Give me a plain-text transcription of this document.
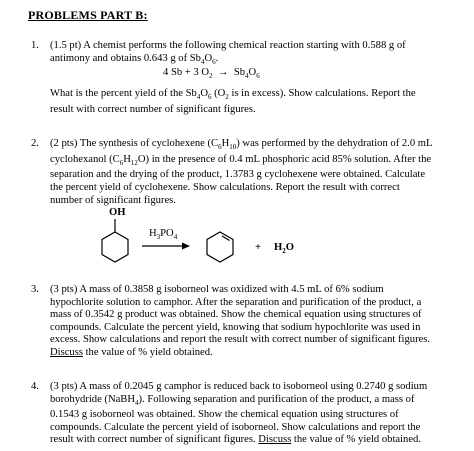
PROBLEMS PART B:
1. (1.5 pt) A chemist performs the following chemical reaction starting with 0.588 g of

antimony and obtains 0.643 g of $Sb_4O_6$.

4 Sb + 3 $O_2 \to Sb_4O_6$

What is the percent yield of the $Sb_4O_6$ ($O_2$ is in excess). Show calculations. Report the

result with correct number of significant figures.

2. (2 pts) The synthesis of cyclohexene $(C_6H_{10})$ was performed by the dehydration of 2.0 mL

cyclohexanol $(C_6H_{12}O)$ in the presence of 0.4 mL phosphoric acid 85% solution. After the

separation and the drying of the product, 1.3783 g cyclohexene were obtained. Calculate

the percent yield of cyclohexene. Show calculations. Report the result with correct

number of significant figures.

OH
$H_3PO_4$
+ $H_2O$
3. (3 pts) A mass of 0.3858 g isoborneol was oxidized with 4.5 mL of 6% sodium

hypochlorite solution to camphor. After the separation and purification of the product, a

mass of 0.3542 g product was obtained. Show the chemical equation using structures of

compounds. Calculate the percent yield, knowing that sodium hypochlorite was used in

excess. Show calculations and report the result with correct number of significant figures.

Discuss the value of % yield obtained.

4. (3 pts) A mass of 0.2045 g camphor is reduced back to isoborneol using 0.2740 g sodium

borohydride (NaBH$_4$). Following separation and purification of the product, a mass of

0.1543 g isoborneol was obtained. Show the chemical equation using structures of

compounds. Calculate the percent yield of isoborneol. Show calculations and report the

result with correct number of significant figures. Discuss the value of % yield obtained.
